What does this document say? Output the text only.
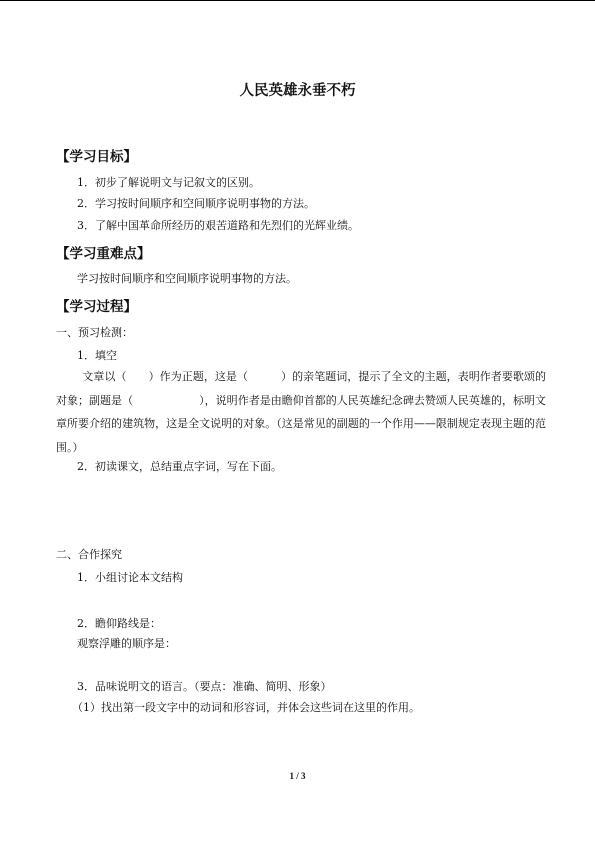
人民英雄永垂不朽
【学习目标】
1．初步了解说明文与记叙文的区别。
2．学习按时间顺序和空间顺序说明事物的方法。
3．了解中国革命所经历的艰苦道路和先烈们的光辉业绩。
【学习重难点】
学习按时间顺序和空间顺序说明事物的方法。
【学习过程】
一、预习检测：
1．填空
文章以（　　）作为正题，这是（　　　）的亲笔题词，提示了全文的主题，表明作者要歌颂的对象；副题是（　　　　　　），说明作者是由瞻仰首都的人民英雄纪念碑去赞颂人民英雄的，标明文章所要介绍的建筑物，这是全文说明的对象。（这是常见的副题的一个作用——限制规定表现主题的范围。）
2．初读课文，总结重点字词，写在下面。
二、合作探究
1．小组讨论本文结构
2．瞻仰路线是：
观察浮雕的顺序是：
3．品味说明文的语言。（要点：准确、简明、形象）
（1）找出第一段文字中的动词和形容词，并体会这些词在这里的作用。
1 / 3
